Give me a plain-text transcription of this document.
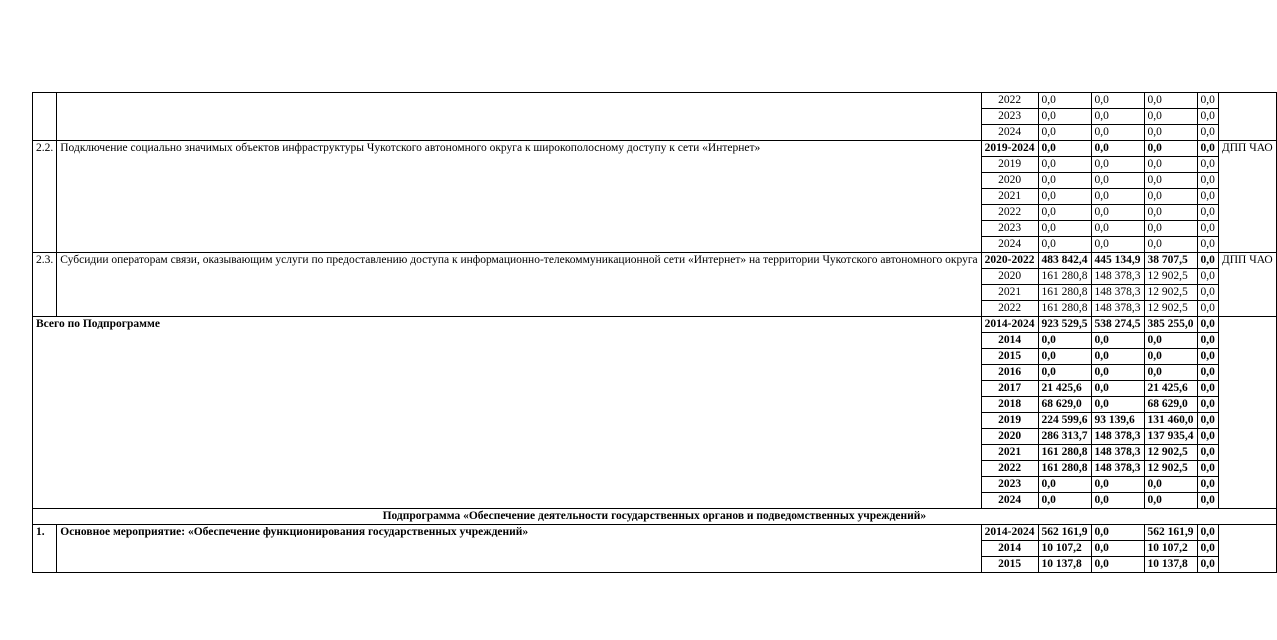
		2022	0,0	0,0	0,0	0,0	
		2023	0,0	0,0	0,0	0,0	
		2024	0,0	0,0	0,0	0,0	
2.2.	Подключение социально значимых объектов инфраструктуры Чукотского автономного округа к широкополосному доступу к сети «Интернет»	2019-2024	0,0	0,0	0,0	0,0	ДПП ЧАО
		2019	0,0	0,0	0,0	0,0	
		2020	0,0	0,0	0,0	0,0	
		2021	0,0	0,0	0,0	0,0	
		2022	0,0	0,0	0,0	0,0	
		2023	0,0	0,0	0,0	0,0	
		2024	0,0	0,0	0,0	0,0	
2.3.	Субсидии операторам связи, оказывающим услуги по предоставлению доступа к информационно-телекоммуникационной сети «Интернет» на территории Чукотского автономного округа	2020-2022	483 842,4	445 134,9	38 707,5	0,0	ДПП ЧАО
		2020	161 280,8	148 378,3	12 902,5	0,0	
		2021	161 280,8	148 378,3	12 902,5	0,0	
		2022	161 280,8	148 378,3	12 902,5	0,0	
Всего по Подпрограмме		2014-2024	923 529,5	538 274,5	385 255,0	0,0	
		2014	0,0	0,0	0,0	0,0	
		2015	0,0	0,0	0,0	0,0	
		2016	0,0	0,0	0,0	0,0	
		2017	21 425,6	0,0	21 425,6	0,0	
		2018	68 629,0	0,0	68 629,0	0,0	
		2019	224 599,6	93 139,6	131 460,0	0,0	
		2020	286 313,7	148 378,3	137 935,4	0,0	
		2021	161 280,8	148 378,3	12 902,5	0,0	
		2022	161 280,8	148 378,3	12 902,5	0,0	
		2023	0,0	0,0	0,0	0,0	
		2024	0,0	0,0	0,0	0,0	
Подпрограмма «Обеспечение деятельности государственных органов и подведомственных учреждений»							
1.	Основное мероприятие: «Обеспечение функционирования государственных учреждений»	2014-2024	562 161,9	0,0	562 161,9	0,0	
		2014	10 107,2	0,0	10 107,2	0,0	
		2015	10 137,8	0,0	10 137,8	0,0	
